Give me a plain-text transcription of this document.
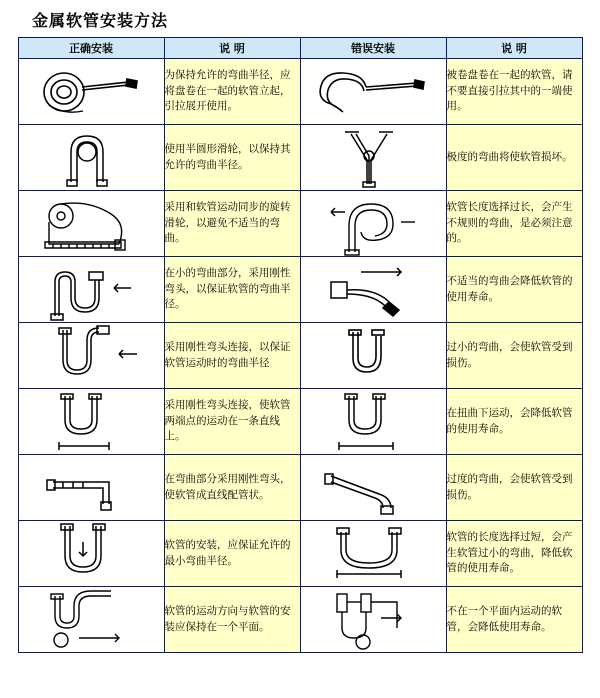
金属软管安装方法
正确安装	说 明	错误安装	说 明

	为保持允许的弯曲半径，应将盘卷在一起的软管立起，引拉展开使用。		被卷盘卷在一起的软管，请不要直接引拉其中的一端使用。

	使用半圆形滑轮，以保持其允许的弯曲半径。		极度的弯曲将使软管损坏。

	采用和软管运动同步的旋转滑轮，以避免不适当的弯曲。		软管长度选择过长，会产生不规则的弯曲，是必须注意的。

	在小的弯曲部分，采用刚性弯头，以保证软管的弯曲半径。		不适当的弯曲会降低软管的使用寿命。

	采用刚性弯头连接，以保证软管运动时的弯曲半径		过小的弯曲，会使软管受到损伤。

	采用刚性弯头连接，使软管两端点的运动在一条直线上。		在扭曲下运动，会降低软管的使用寿命。

	在弯曲部分采用刚性弯头，使软管成直线配管状。		过度的弯曲，会使软管受到损伤。

	软管的安装，应保证允许的最小弯曲半径。		软管的长度选择过短，会产生软管过小的弯曲，降低软管的使用寿命。

	软管的运动方向与软管的安装应保持在一个平面。		不在一个平面内运动的软管，会降低使用寿命。
